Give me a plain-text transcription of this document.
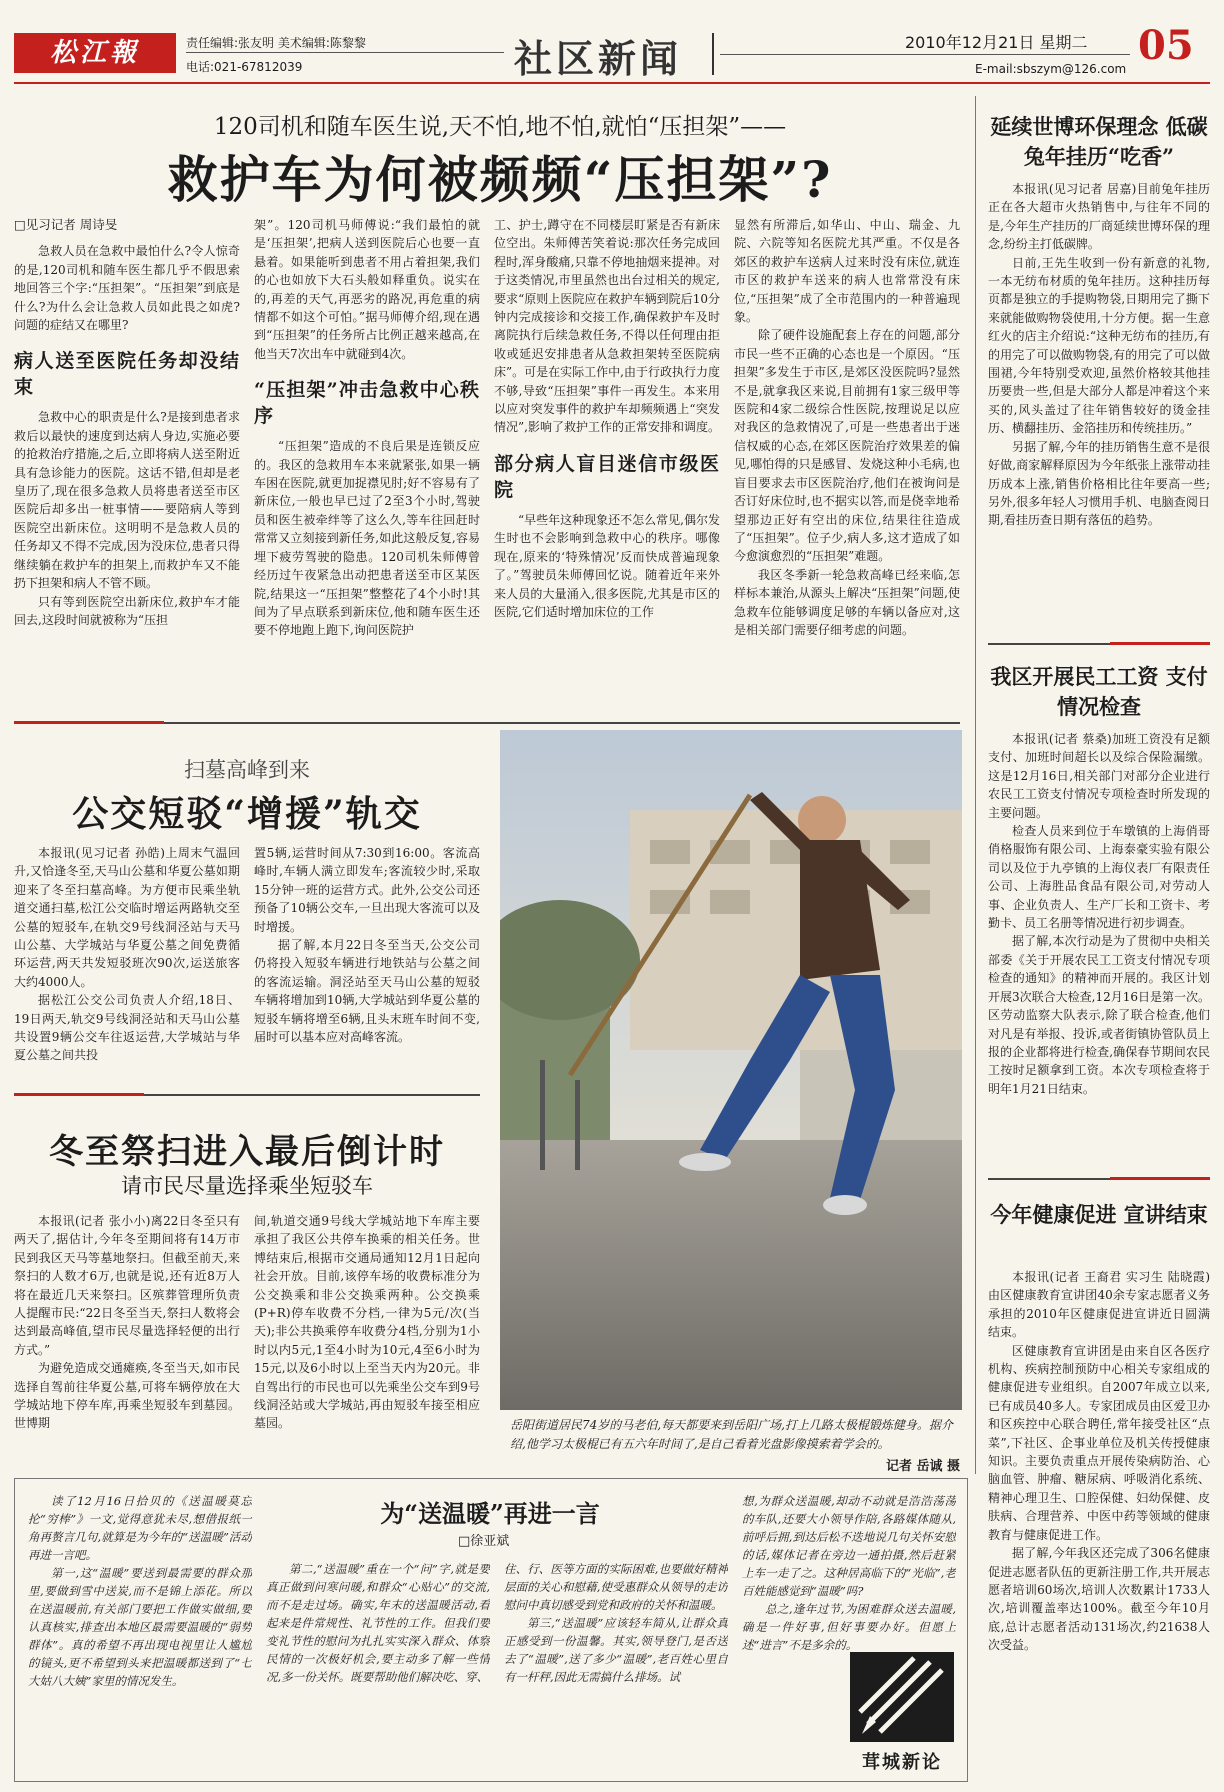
松江報	责任编辑:张友明 美术编辑:陈黎黎
电话:021-67812039	社区新闻	2010年12月21日 星期二
E-mail:sbszym@126.com 05
120司机和随车医生说,天不怕,地不怕,就怕“压担架”——
救护车为何被频频“压担架”?

□见习记者 周诗旻

急救人员在急救中最怕什么?令人惊奇的是,120司机和随车医生都几乎不假思索地回答三个字:“压担架”。“压担架”到底是什么?为什么会让急救人员如此畏之如虎?问题的症结又在哪里?

病人送至医院任务却没结束

急救中心的职责是什么?是接到患者求救后以最快的速度到达病人身边,实施必要的抢救治疗措施,之后,立即将病人送至附近具有急诊能力的医院。这话不错,但却是老皇历了,现在很多急救人员将患者送至市区医院后却多出一桩事情——要陪病人等到医院空出新床位。这明明不是急救人员的任务却又不得不完成,因为没床位,患者只得继续躺在救护车的担架上,而救护车又不能扔下担架和病人不管不顾。

只有等到医院空出新床位,救护车才能回去,这段时间就被称为“压担

架”。120司机马师傅说:“我们最怕的就是‘压担架’,把病人送到医院后心也要一直悬着。如果能听到患者不用占着担架,我们的心也如放下大石头般如释重负。说实在的,再差的天气,再恶劣的路况,再危重的病情都不如这个可怕。”据马师傅介绍,现在遇到“压担架”的任务所占比例正越来越高,在他当天7次出车中就碰到4次。

“压担架”冲击急救中心秩序

“压担架”造成的不良后果是连锁反应的。我区的急救用车本来就紧张,如果一辆车困在医院,就更加捉襟见肘;好不容易有了新床位,一般也早已过了2至3个小时,驾驶员和医生被牵绊等了这么久,等车往回赶时常常又立刻接到新任务,如此这般反复,容易埋下疲劳驾驶的隐患。120司机朱师傅曾经历过午夜紧急出动把患者送至市区某医院,结果这一“压担架”整整花了4个小时!其间为了早点联系到新床位,他和随车医生还要不停地跑上跑下,询问医院护

工、护士,蹲守在不同楼层盯紧是否有新床位空出。朱师傅苦笑着说:那次任务完成回程时,浑身酸痛,只靠不停地抽烟来提神。对于这类情况,市里虽然也出台过相关的规定,要求“原则上医院应在救护车辆到院后10分钟内完成接诊和交接工作,确保救护车及时离院执行后续急救任务,不得以任何理由拒收或延迟安排患者从急救担架转至医院病床”。可是在实际工作中,由于行政执行力度不够,导致“压担架”事件一再发生。本来用以应对突发事件的救护车却频频遇上“突发情况”,影响了救护工作的正常安排和调度。

部分病人盲目迷信市级医院

“早些年这种现象还不怎么常见,偶尔发生时也不会影响到急救中心的秩序。哪像现在,原来的‘特殊情况’反而快成普遍现象了。”驾驶员朱师傅回忆说。随着近年来外来人员的大量涌入,很多医院,尤其是市区的医院,它们适时增加床位的工作

显然有所滞后,如华山、中山、瑞金、九院、六院等知名医院尤其严重。不仅是各郊区的救护车送病人过来时没有床位,就连市区的救护车送来的病人也常常没有床位,“压担架”成了全市范围内的一种普遍现象。

除了硬件设施配套上存在的问题,部分市民一些不正确的心态也是一个原因。“压担架”多发生于市区,是郊区没医院吗?显然不是,就拿我区来说,目前拥有1家三级甲等医院和4家二级综合性医院,按理说足以应对我区的急救情况了,可是一些患者出于迷信权威的心态,在郊区医院治疗效果差的偏见,哪怕得的只是感冒、发烧这种小毛病,也盲目要求去市区医院治疗,他们在被询问是否订好床位时,也不据实以答,而是侥幸地希望那边正好有空出的床位,结果往往造成了“压担架”。位子少,病人多,这才造成了如今愈演愈烈的“压担架”难题。

我区冬季新一轮急救高峰已经来临,怎样标本兼治,从源头上解决“压担架”问题,使急救车位能够调度足够的车辆以备应对,这是相关部门需要仔细考虑的问题。

延续世博环保理念 低碳兔年挂历“吃香”

本报讯(见习记者 居嘉)目前兔年挂历正在各大超市火热销售中,与往年不同的是,今年生产挂历的厂商延续世博环保的理念,纷纷主打低碳牌。

日前,王先生收到一份有新意的礼物,一本无纺布材质的兔年挂历。这种挂历每页都是独立的手提购物袋,日期用完了撕下来就能做购物袋使用,十分方便。据一生意红火的店主介绍说:“这种无纺布的挂历,有的用完了可以做购物袋,有的用完了可以做围裙,今年特别受欢迎,虽然价格较其他挂历要贵一些,但是大部分人都是冲着这个来买的,风头盖过了往年销售较好的烫金挂历、横翻挂历、金箔挂历和传统挂历。”

另据了解,今年的挂历销售生意不是很好做,商家解释原因为今年纸张上涨带动挂历成本上涨,销售价格相比往年要高一些;另外,很多年轻人习惯用手机、电脑查阅日期,看挂历查日期有落伍的趋势。

我区开展民工工资 支付情况检查

本报讯(记者 蔡桑)加班工资没有足额支付、加班时间超长以及综合保险漏缴。这是12月16日,相关部门对部分企业进行农民工工资支付情况专项检查时所发现的主要问题。

检查人员来到位于车墩镇的上海俏哥俏格服饰有限公司、上海泰豪实验有限公司以及位于九亭镇的上海仪表厂有限责任公司、上海胜品食品有限公司,对劳动人事、企业负责人、生产厂长和工资卡、考勤卡、员工名册等情况进行初步调查。

据了解,本次行动是为了贯彻中央相关部委《关于开展农民工工资支付情况专项检查的通知》的精神而开展的。我区计划开展3次联合大检查,12月16日是第一次。区劳动监察大队表示,除了联合检查,他们对凡是有举报、投诉,或者街镇协管队员上报的企业都将进行检查,确保春节期间农民工按时足额拿到工资。本次专项检查将于明年1月21日结束。

今年健康促进 宣讲结束

本报讯(记者 王裔君 实习生 陆晓霞)由区健康教育宣讲团40余专家志愿者义务承担的2010年区健康促进宣讲近日圆满结束。

区健康教育宣讲团是由来自区各医疗机构、疾病控制预防中心相关专家组成的健康促进专业组织。自2007年成立以来,已有成员40多人。专家团成员由区爱卫办和区疾控中心联合聘任,常年接受社区“点菜”,下社区、企事业单位及机关传授健康知识。主要负责重点开展传染病防治、心脑血管、肿瘤、糖尿病、呼吸消化系统、精神心理卫生、口腔保健、妇幼保健、皮肤病、合理营养、中医中药等领域的健康教育与健康促进工作。

据了解,今年我区还完成了306名健康促进志愿者队伍的更新注册工作,共开展志愿者培训60场次,培训人次数累计1733人次,培训覆盖率达100%。截至今年10月底,总计志愿者活动131场次,约21638人次受益。

扫墓高峰到来
公交短驳“增援”轨交

本报讯(见习记者 孙皓)上周末气温回升,又恰逢冬至,天马山公墓和华夏公墓如期迎来了冬至扫墓高峰。为方便市民乘坐轨道交通扫墓,松江公交临时增运两路轨交至公墓的短驳车,在轨交9号线洞泾站与天马山公墓、大学城站与华夏公墓之间免费循环运营,两天共发短驳班次90次,运送旅客大约4000人。

据松江公交公司负责人介绍,18日、19日两天,轨交9号线洞泾站和天马山公墓共设置9辆公交车往返运营,大学城站与华夏公墓之间共投

置5辆,运营时间从7:30到16:00。客流高峰时,车辆人满立即发车;客流较少时,采取15分钟一班的运营方式。此外,公交公司还预备了10辆公交车,一旦出现大客流可以及时增援。

据了解,本月22日冬至当天,公交公司仍将投入短驳车辆进行地铁站与公墓之间的客流运输。洞泾站至天马山公墓的短驳车辆将增加到10辆,大学城站到华夏公墓的短驳车辆将增至6辆,且头末班车时间不变,届时可以基本应对高峰客流。

冬至祭扫进入最后倒计时
请市民尽量选择乘坐短驳车

本报讯(记者 张小小)离22日冬至只有两天了,据估计,今年冬至期间将有14万市民到我区天马等墓地祭扫。但截至前天,来祭扫的人数才6万,也就是说,还有近8万人将在最近几天来祭扫。区殡葬管理所负责人提醒市民:“22日冬至当天,祭扫人数将会达到最高峰值,望市民尽量选择轻便的出行方式。”

为避免造成交通瘫痪,冬至当天,如市民选择自驾前往华夏公墓,可将车辆停放在大学城站地下停车库,再乘坐短驳车到墓园。世博期

间,轨道交通9号线大学城站地下车库主要承担了我区公共停车换乘的相关任务。世博结束后,根据市交通局通知12月1日起向社会开放。目前,该停车场的收费标准分为公交换乘和非公交换乘两种。公交换乘(P+R)停车收费不分档,一律为5元/次(当天);非公共换乘停车收费分4档,分别为1小时以内5元,1至4小时为10元,4至6小时为15元,以及6小时以上至当天内为20元。非自驾出行的市民也可以先乘坐公交车到9号线洞泾站或大学城站,再由短驳车接至相应墓园。	岳阳街道居民74岁的马老伯,每天都要来到岳阳广场,打上几路太极棍锻炼健身。据介绍,他学习太极棍已有五六年时间了,是自己看着光盘影像摸索着学会的。
记者 岳诚 摄
为“送温暖”再进一言
□徐亚斌

读了12月16日拾贝的《送温暖莫忘抡“穷棒”》一文,觉得意犹未尽,想借报纸一角再赘言几句,就算是为今年的“送温暖”活动再进一言吧。

第一,这“温暖”要送到最需要的群众那里,要做到雪中送炭,而不是锦上添花。所以在送温暖前,有关部门要把工作做实做细,要认真核实,排查出本地区最需要温暖的“弱势群体”。真的希望不再出现电视里让人尴尬的镜头,更不希望到头来把温暖都送到了“七大姑八大姨”家里的情况发生。

第二,“送温暖”重在一个“问”字,就是要真正做到问寒问暖,和群众“心贴心”的交流,而不是走过场。确实,年末的送温暖活动,看起来是件常规性、礼节性的工作。但我们要变礼节性的慰问为扎扎实实深入群众、体察民情的一次极好机会,要主动多了解一些情况,多一份关怀。既要帮助他们解决吃、穿、

住、行、医等方面的实际困难,也要做好精神层面的关心和慰藉,使受惠群众从领导的走访慰问中真切感受到党和政府的关怀和温暖。

第三,“送温暖”应该轻车简从,让群众真正感受到一份温馨。其实,领导登门,是否送去了“温暖”,送了多少“温暖”,老百姓心里自有一杆秤,因此无需搞什么排场。试

想,为群众送温暖,却动不动就是浩浩荡荡的车队,还要大小领导作陪,各路媒体随从,前呼后拥,到达后松不迭地说几句关怀安慰的话,媒体记者在旁边一通拍摄,然后赶紧上车一走了之。这种居高临下的“光临”,老百姓能感觉到“温暖”吗?

总之,逢年过节,为困难群众送去温暖,确是一件好事,但好事要办好。但愿上述“进言”不是多余的。

茸城新论
